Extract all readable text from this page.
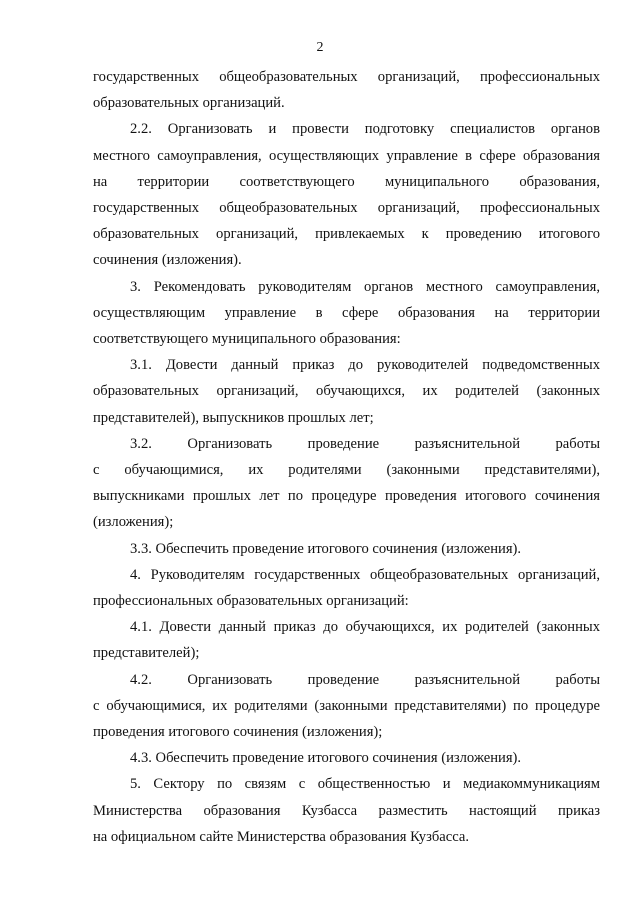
2

государственных общеобразовательных организаций, профессиональных
образовательных организаций.

2.2. Организовать и провести подготовку специалистов органов
местного самоуправления, осуществляющих управление в сфере образования
на территории соответствующего муниципального образования,
государственных общеобразовательных организаций, профессиональных
образовательных организаций, привлекаемых к проведению итогового
сочинения (изложения).

3. Рекомендовать руководителям органов местного самоуправления,
осуществляющим управление в сфере образования на территории
соответствующего муниципального образования:

3.1. Довести данный приказ до руководителей подведомственных
образовательных организаций, обучающихся, их родителей (законных
представителей), выпускников прошлых лет;

3.2. Организовать проведение разъяснительной работы
с обучающимися, их родителями (законными представителями),
выпускниками прошлых лет по процедуре проведения итогового сочинения
(изложения);

3.3. Обеспечить проведение итогового сочинения (изложения).

4. Руководителям государственных общеобразовательных организаций,
профессиональных образовательных организаций:

4.1. Довести данный приказ до обучающихся, их родителей (законных
представителей);

4.2. Организовать проведение разъяснительной работы
с обучающимися, их родителями (законными представителями) по процедуре
проведения итогового сочинения (изложения);

4.3. Обеспечить проведение итогового сочинения (изложения).

5. Сектору по связям с общественностью и медиакоммуникациям
Министерства образования Кузбасса разместить настоящий приказ
на официальном сайте Министерства образования Кузбасса.
